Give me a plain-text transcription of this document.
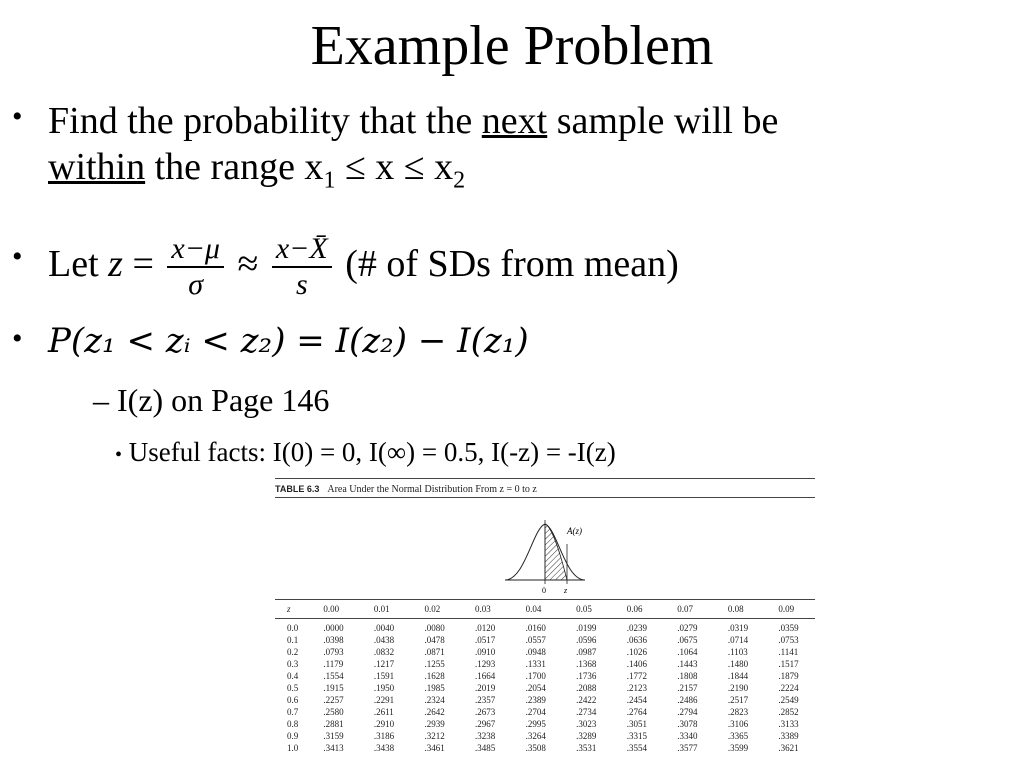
Example Problem
• Find the probability that the next sample will be
within the range $x_1 \le x \le x_2$
• Let $z = \frac{x-\mu}{\sigma} \approx \frac{x-X̄}{s}$ (# of SDs from mean)
• P(z₁ < zᵢ < z₂) = I(z₂) − I(z₁)
– I(z) on Page 146
• Useful facts: I(0) = 0, I(∞) = 0.5, I(-z) = -I(z)
TABLE 6.3 Area Under the Normal Distribution From z = 0 to z
A(z)
0 z
z	0.00	0.01	0.02	0.03	0.04	0.05	0.06	0.07	0.08	0.09
0.0	.0000	.0040	.0080	.0120	.0160	.0199	.0239	.0279	.0319	.0359
0.1	.0398	.0438	.0478	.0517	.0557	.0596	.0636	.0675	.0714	.0753
0.2	.0793	.0832	.0871	.0910	.0948	.0987	.1026	.1064	.1103	.1141
0.3	.1179	.1217	.1255	.1293	.1331	.1368	.1406	.1443	.1480	.1517
0.4	.1554	.1591	.1628	.1664	.1700	.1736	.1772	.1808	.1844	.1879
0.5	.1915	.1950	.1985	.2019	.2054	.2088	.2123	.2157	.2190	.2224
0.6	.2257	.2291	.2324	.2357	.2389	.2422	.2454	.2486	.2517	.2549
0.7	.2580	.2611	.2642	.2673	.2704	.2734	.2764	.2794	.2823	.2852
0.8	.2881	.2910	.2939	.2967	.2995	.3023	.3051	.3078	.3106	.3133
0.9	.3159	.3186	.3212	.3238	.3264	.3289	.3315	.3340	.3365	.3389
1.0	.3413	.3438	.3461	.3485	.3508	.3531	.3554	.3577	.3599	.3621
